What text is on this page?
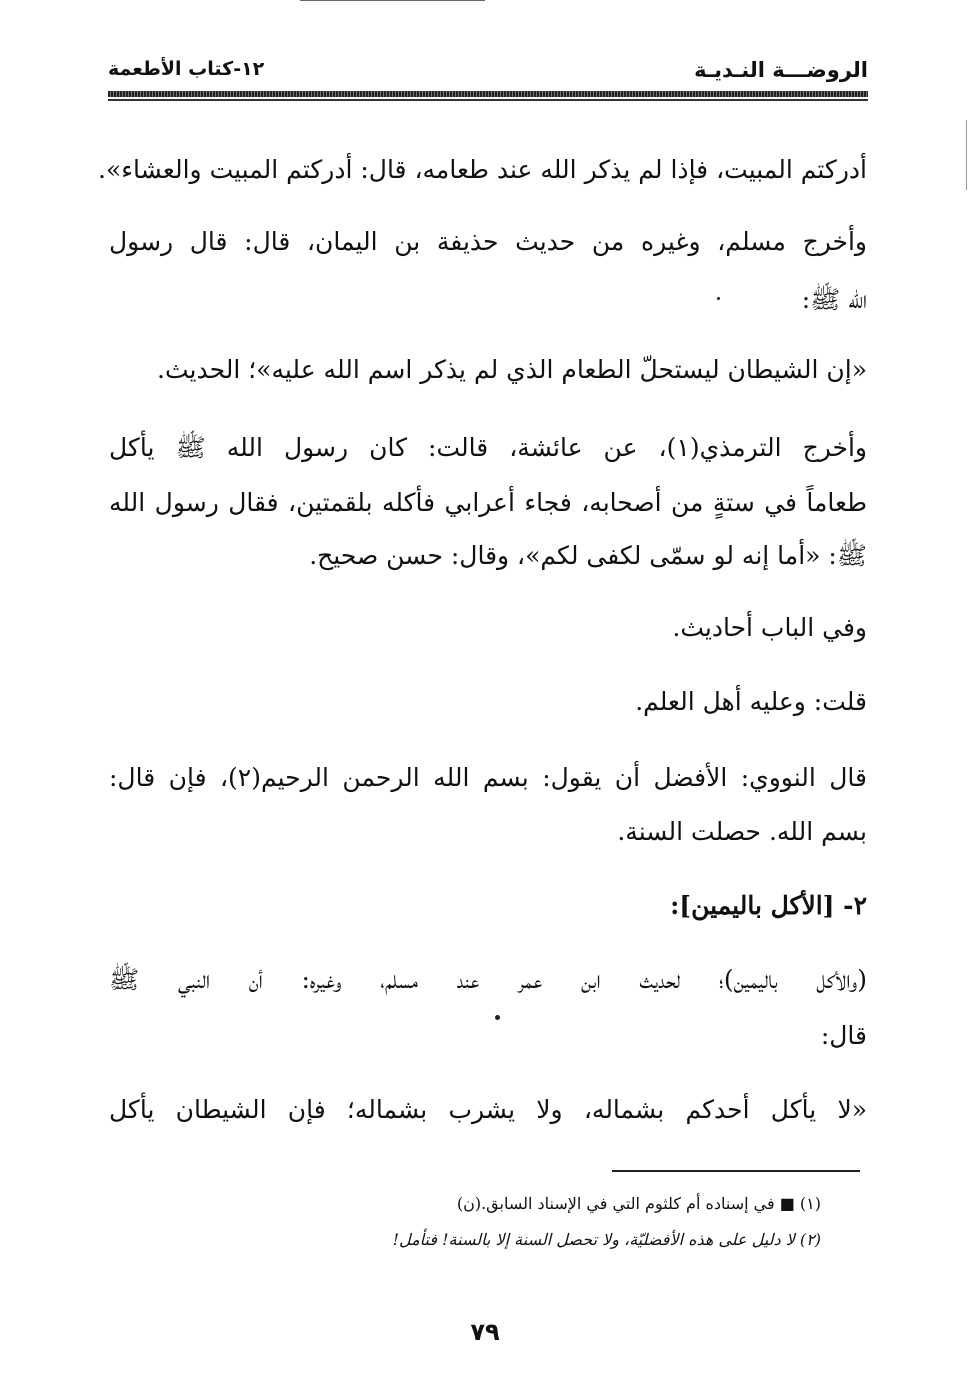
الروضـــة النـديـة
١٢-كتاب الأطعمة
أدركتم المبيت، فإذا لم يذكر الله عند طعامه، قال: أدركتم المبيت والعشاء».
وأخرج مسلم، وغيره من حديث حذيفة بن اليمان، قال: قال رسول
الله ﷺ:
«إن الشيطان ليستحلّ الطعام الذي لم يذكر اسم الله عليه»؛ الحديث.
وأخرج الترمذي(١)، عن عائشة، قالت: كان رسول الله ﷺ يأكل
طعاماً في ستةٍ من أصحابه، فجاء أعرابي فأكله بلقمتين، فقال رسول الله
ﷺ: «أما إنه لو سمّى لكفى لكم»، وقال: حسن صحيح.
وفي الباب أحاديث.
قلت: وعليه أهل العلم.
قال النووي: الأفضل أن يقول: بسم الله الرحمن الرحيم(٢)، فإن قال:
بسم الله. حصلت السنة.
٢- [الأكل باليمين]:
(والأكل باليمين)؛ لحديث ابن عمر عند مسلم، وغيره: أن النبي ﷺ
قال:
«لا يأكل أحدكم بشماله، ولا يشرب بشماله؛ فإن الشيطان يأكل
(١) ■ في إسناده أم كلثوم التي في الإسناد السابق.(ن)
(٢) لا دليل على هذه الأفضليّة، ولا تحصل السنة إلا بالسنة! فتأمل!
٧٩
